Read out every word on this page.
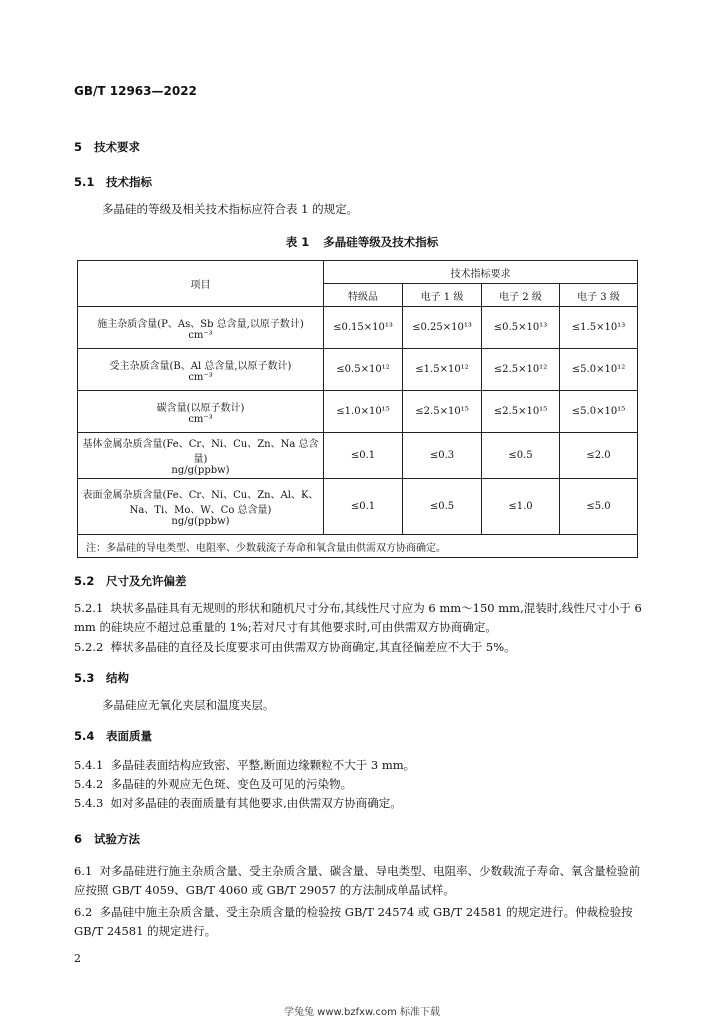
GB/T 12963—2022
5 技术要求
5.1 技术指标
多晶硅的等级及相关技术指标应符合表 1 的规定。
表 1 多晶硅等级及技术指标
项目	技术指标要求			
	特级品	电子 1 级	电子 2 级	电子 3 级

施主杂质含量(P、As、Sb 总含量,以原子数计)
cm⁻³	≤0.15×10¹³	≤0.25×10¹³	≤0.5×10¹³	≤1.5×10¹³

受主杂质含量(B、Al 总含量,以原子数计)
cm⁻³	≤0.5×10¹²	≤1.5×10¹²	≤2.5×10¹²	≤5.0×10¹²

碳含量(以原子数计)
cm⁻³	≤1.0×10¹⁵	≤2.5×10¹⁵	≤2.5×10¹⁵	≤5.0×10¹⁵

基体金属杂质含量(Fe、Cr、Ni、Cu、Zn、Na 总含量)
ng/g(ppbw)	≤0.1	≤0.3	≤0.5	≤2.0

表面金属杂质含量(Fe、Cr、Ni、Cu、Zn、Al、K、Na、Ti、Mo、W、Co 总含量)
ng/g(ppbw)	≤0.1	≤0.5	≤1.0	≤5.0
注：多晶硅的导电类型、电阻率、少数载流子寿命和氧含量由供需双方协商确定。				
5.2 尺寸及允许偏差
5.2.1 块状多晶硅具有无规则的形状和随机尺寸分布,其线性尺寸应为 6 mm～150 mm,混装时,线性尺寸小于 6 mm 的硅块应不超过总重量的 1%;若对尺寸有其他要求时,可由供需双方协商确定。
5.2.2 棒状多晶硅的直径及长度要求可由供需双方协商确定,其直径偏差应不大于 5%。
5.3 结构
多晶硅应无氧化夹层和温度夹层。
5.4 表面质量
5.4.1 多晶硅表面结构应致密、平整,断面边缘颗粒不大于 3 mm。
5.4.2 多晶硅的外观应无色斑、变色及可见的污染物。
5.4.3 如对多晶硅的表面质量有其他要求,由供需双方协商确定。
6 试验方法
6.1 对多晶硅进行施主杂质含量、受主杂质含量、碳含量、导电类型、电阻率、少数载流子寿命、氧含量检验前应按照 GB/T 4059、GB/T 4060 或 GB/T 29057 的方法制成单晶试样。
6.2 多晶硅中施主杂质含量、受主杂质含量的检验按 GB/T 24574 或 GB/T 24581 的规定进行。仲裁检验按 GB/T 24581 的规定进行。
2
学兔兔 www.bzfxw.com 标准下载
